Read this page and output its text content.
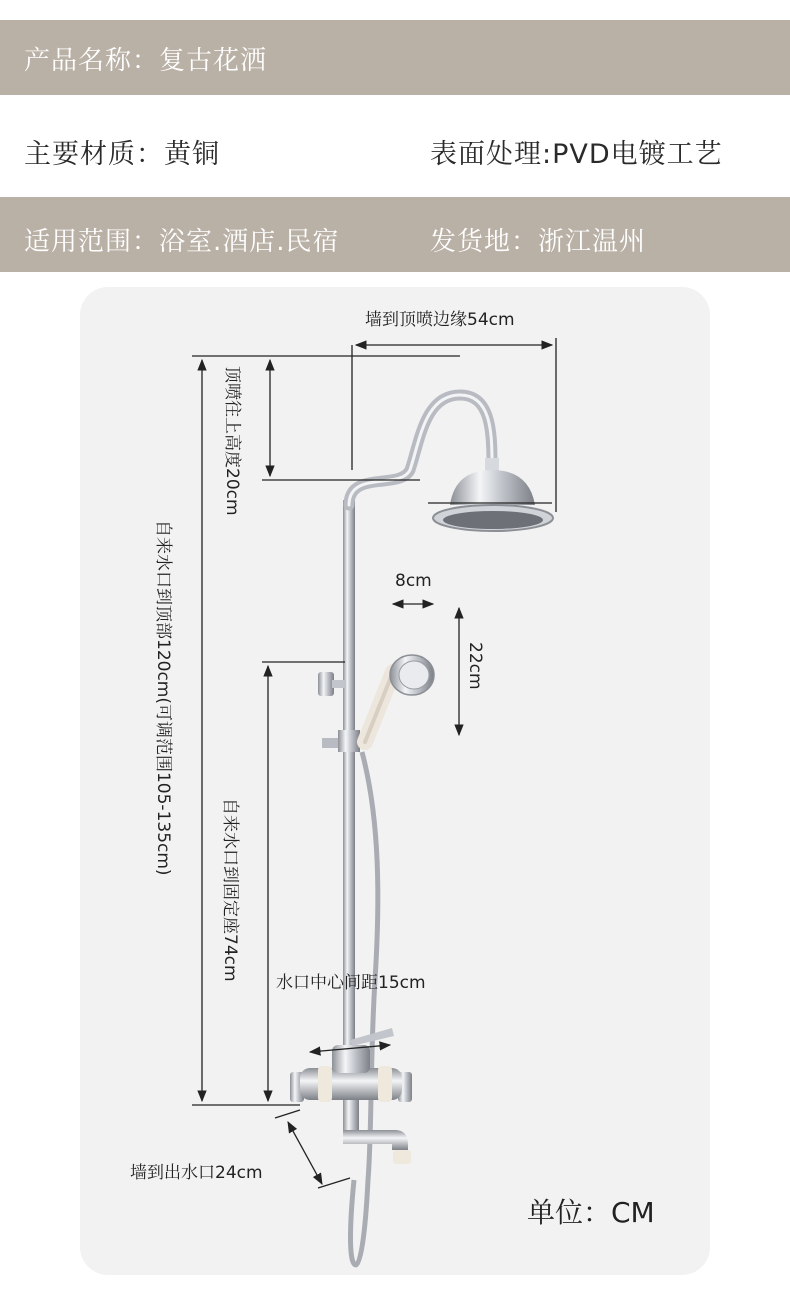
产品名称：复古花洒
主要材质：黄铜	表面处理:PVD电镀工艺
适用范围：浴室.酒店.民宿	发货地：浙江温州
墙到顶喷边缘54cm
顶喷往上高度20cm
自来水口到顶部120cm(可调范围105-135cm)	8cm
22cm
自来水口到固定座74cm
水口中心间距15cm
墙到出水口24cm
单位：CM
